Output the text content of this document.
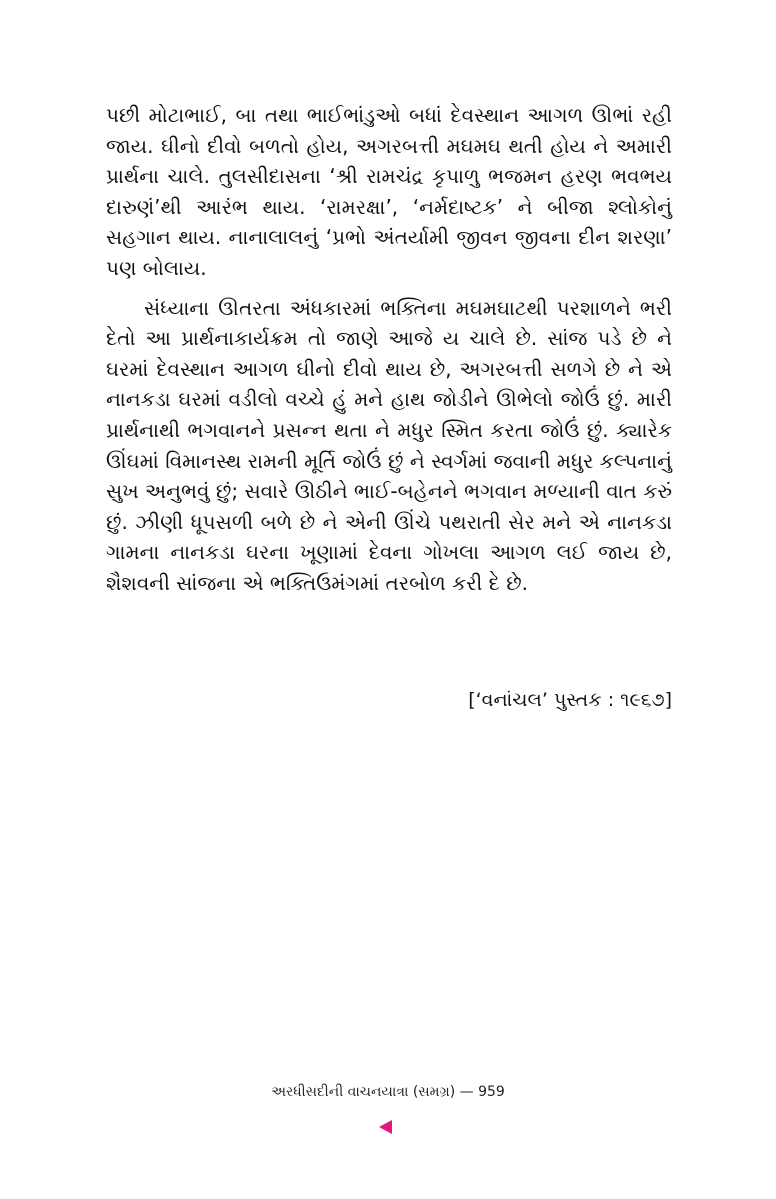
પછી મોટાભાઈ, બા તથા ભાઈભાંડુઓ બધાં દેવસ્થાન આગળ ઊભાં રહી જાય. ઘીનો દીવો બળતો હોય, અગરબત્તી મઘમઘ થતી હોય ને અમારી પ્રાર્થના ચાલે. તુલસીદાસના ‘શ્રી રામચંદ્ર કૃપાળુ ભજમન હરણ ભવભય દારુણં’થી આરંભ થાય. ‘રામરક્ષા’, ‘નર્મદાષ્ટક’ ને બીજા શ્લોકોનું સહગાન થાય. નાનાલાલનું ‘પ્રભો અંતર્યામી જીવન જીવના દીન શરણા’ પણ બોલાય.

સંધ્યાના ઊતરતા અંધકારમાં ભક્તિના મઘમઘાટથી પરશાળને ભરી દેતો આ પ્રાર્થનાકાર્યક્રમ તો જાણે આજે ય ચાલે છે. સાંજ પડે છે ને ઘરમાં દેવસ્થાન આગળ ઘીનો દીવો થાય છે, અગરબત્તી સળગે છે ને એ નાનકડા ઘરમાં વડીલો વચ્ચે હું મને હાથ જોડીને ઊભેલો જોઉં છું. મારી પ્રાર્થનાથી ભગવાનને પ્રસન્ન થતા ને મધુર સ્મિત કરતા જોઉં છું. ક્યારેક ઊંઘમાં વિમાનસ્થ રામની મૂર્તિ જોઉં છું ને સ્વર્ગમાં જવાની મધુર કલ્પનાનું સુખ અનુભવું છું; સવારે ઊઠીને ભાઈ-બહેનને ભગવાન મળ્યાની વાત કરું છું. ઝીણી ધૂપસળી બળે છે ને એની ઊંચે પથરાતી સેર મને એ નાનકડા ગામના નાનકડા ઘરના ખૂણામાં દેવના ગોખલા આગળ લઈ જાય છે, શૈશવની સાંજના એ ભક્તિઉમંગમાં તરબોળ કરી દે છે.

[‘વનાંચલ’ પુસ્તક : ૧૯૬૭]
અરધીસદીની વાચનયાત્રા (સમગ્ર) — 959
